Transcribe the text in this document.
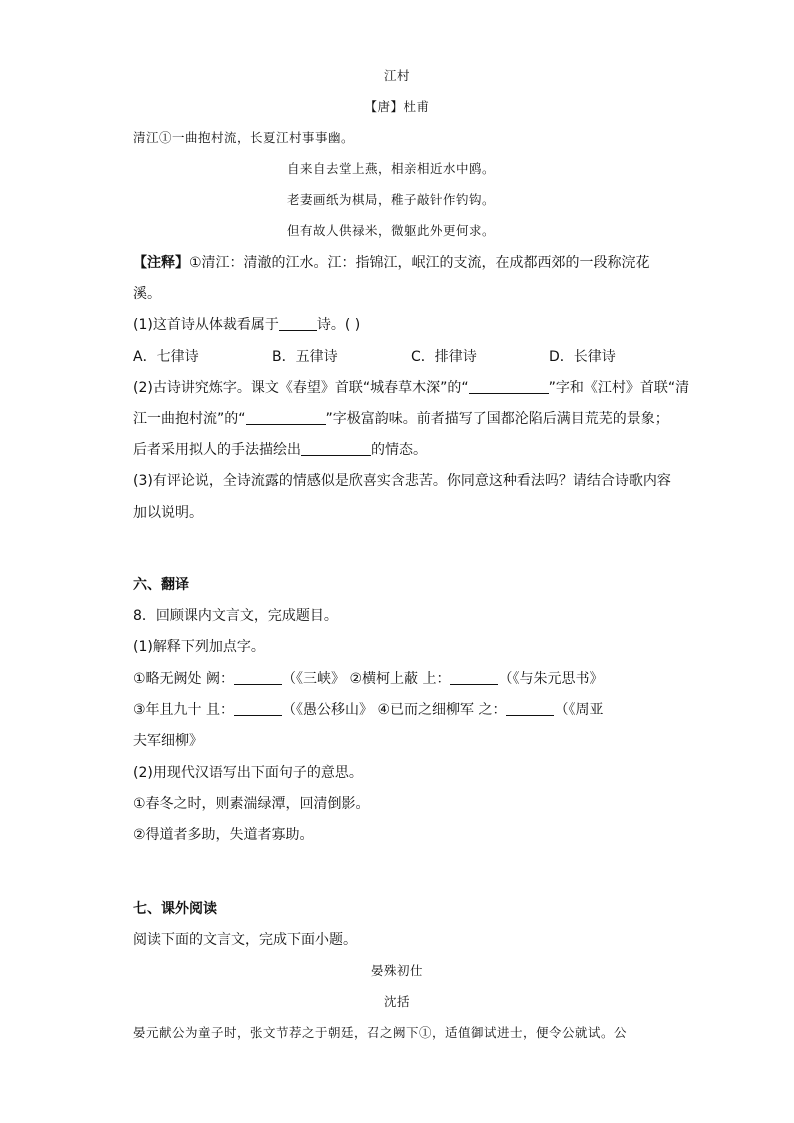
江村
【唐】杜甫
清江①一曲抱村流，长夏江村事事幽。
自来自去堂上燕，相亲相近水中鸥。
老妻画纸为棋局，稚子敲针作钓钩。
但有故人供禄米，微躯此外更何求。
【注释】①清江：清澈的江水。江：指锦江，岷江的支流，在成都西郊的一段称浣花
溪。
(1)这首诗从体裁看属于	诗。( )
A．七律诗	B．五律诗	C．排律诗	D．长律诗
(2)古诗讲究炼字。课文《春望》首联“城春草木深”的“	”字和《江村》首联“清
江一曲抱村流”的“	”字极富韵味。前者描写了国都沦陷后满目荒芜的景象；
后者采用拟人的手法描绘出	的情态。
(3)有评论说，全诗流露的情感似是欣喜实含悲苦。你同意这种看法吗？请结合诗歌内容
加以说明。
六、翻译
8．回顾课内文言文，完成题目。
(1)解释下列加点字。
①略无阙处 阙：	（《三峡》 ②横柯上蔽 上：	（《与朱元思书》
③年且九十 且：	（《愚公移山》 ④已而之细柳军 之：	（《周亚
夫军细柳》
(2)用现代汉语写出下面句子的意思。
①春冬之时，则素湍绿潭，回清倒影。
②得道者多助，失道者寡助。
七、课外阅读
阅读下面的文言文，完成下面小题。
晏殊初仕
沈括
晏元献公为童子时，张文节荐之于朝廷，召之阙下①，适值御试进士，便令公就试。公
